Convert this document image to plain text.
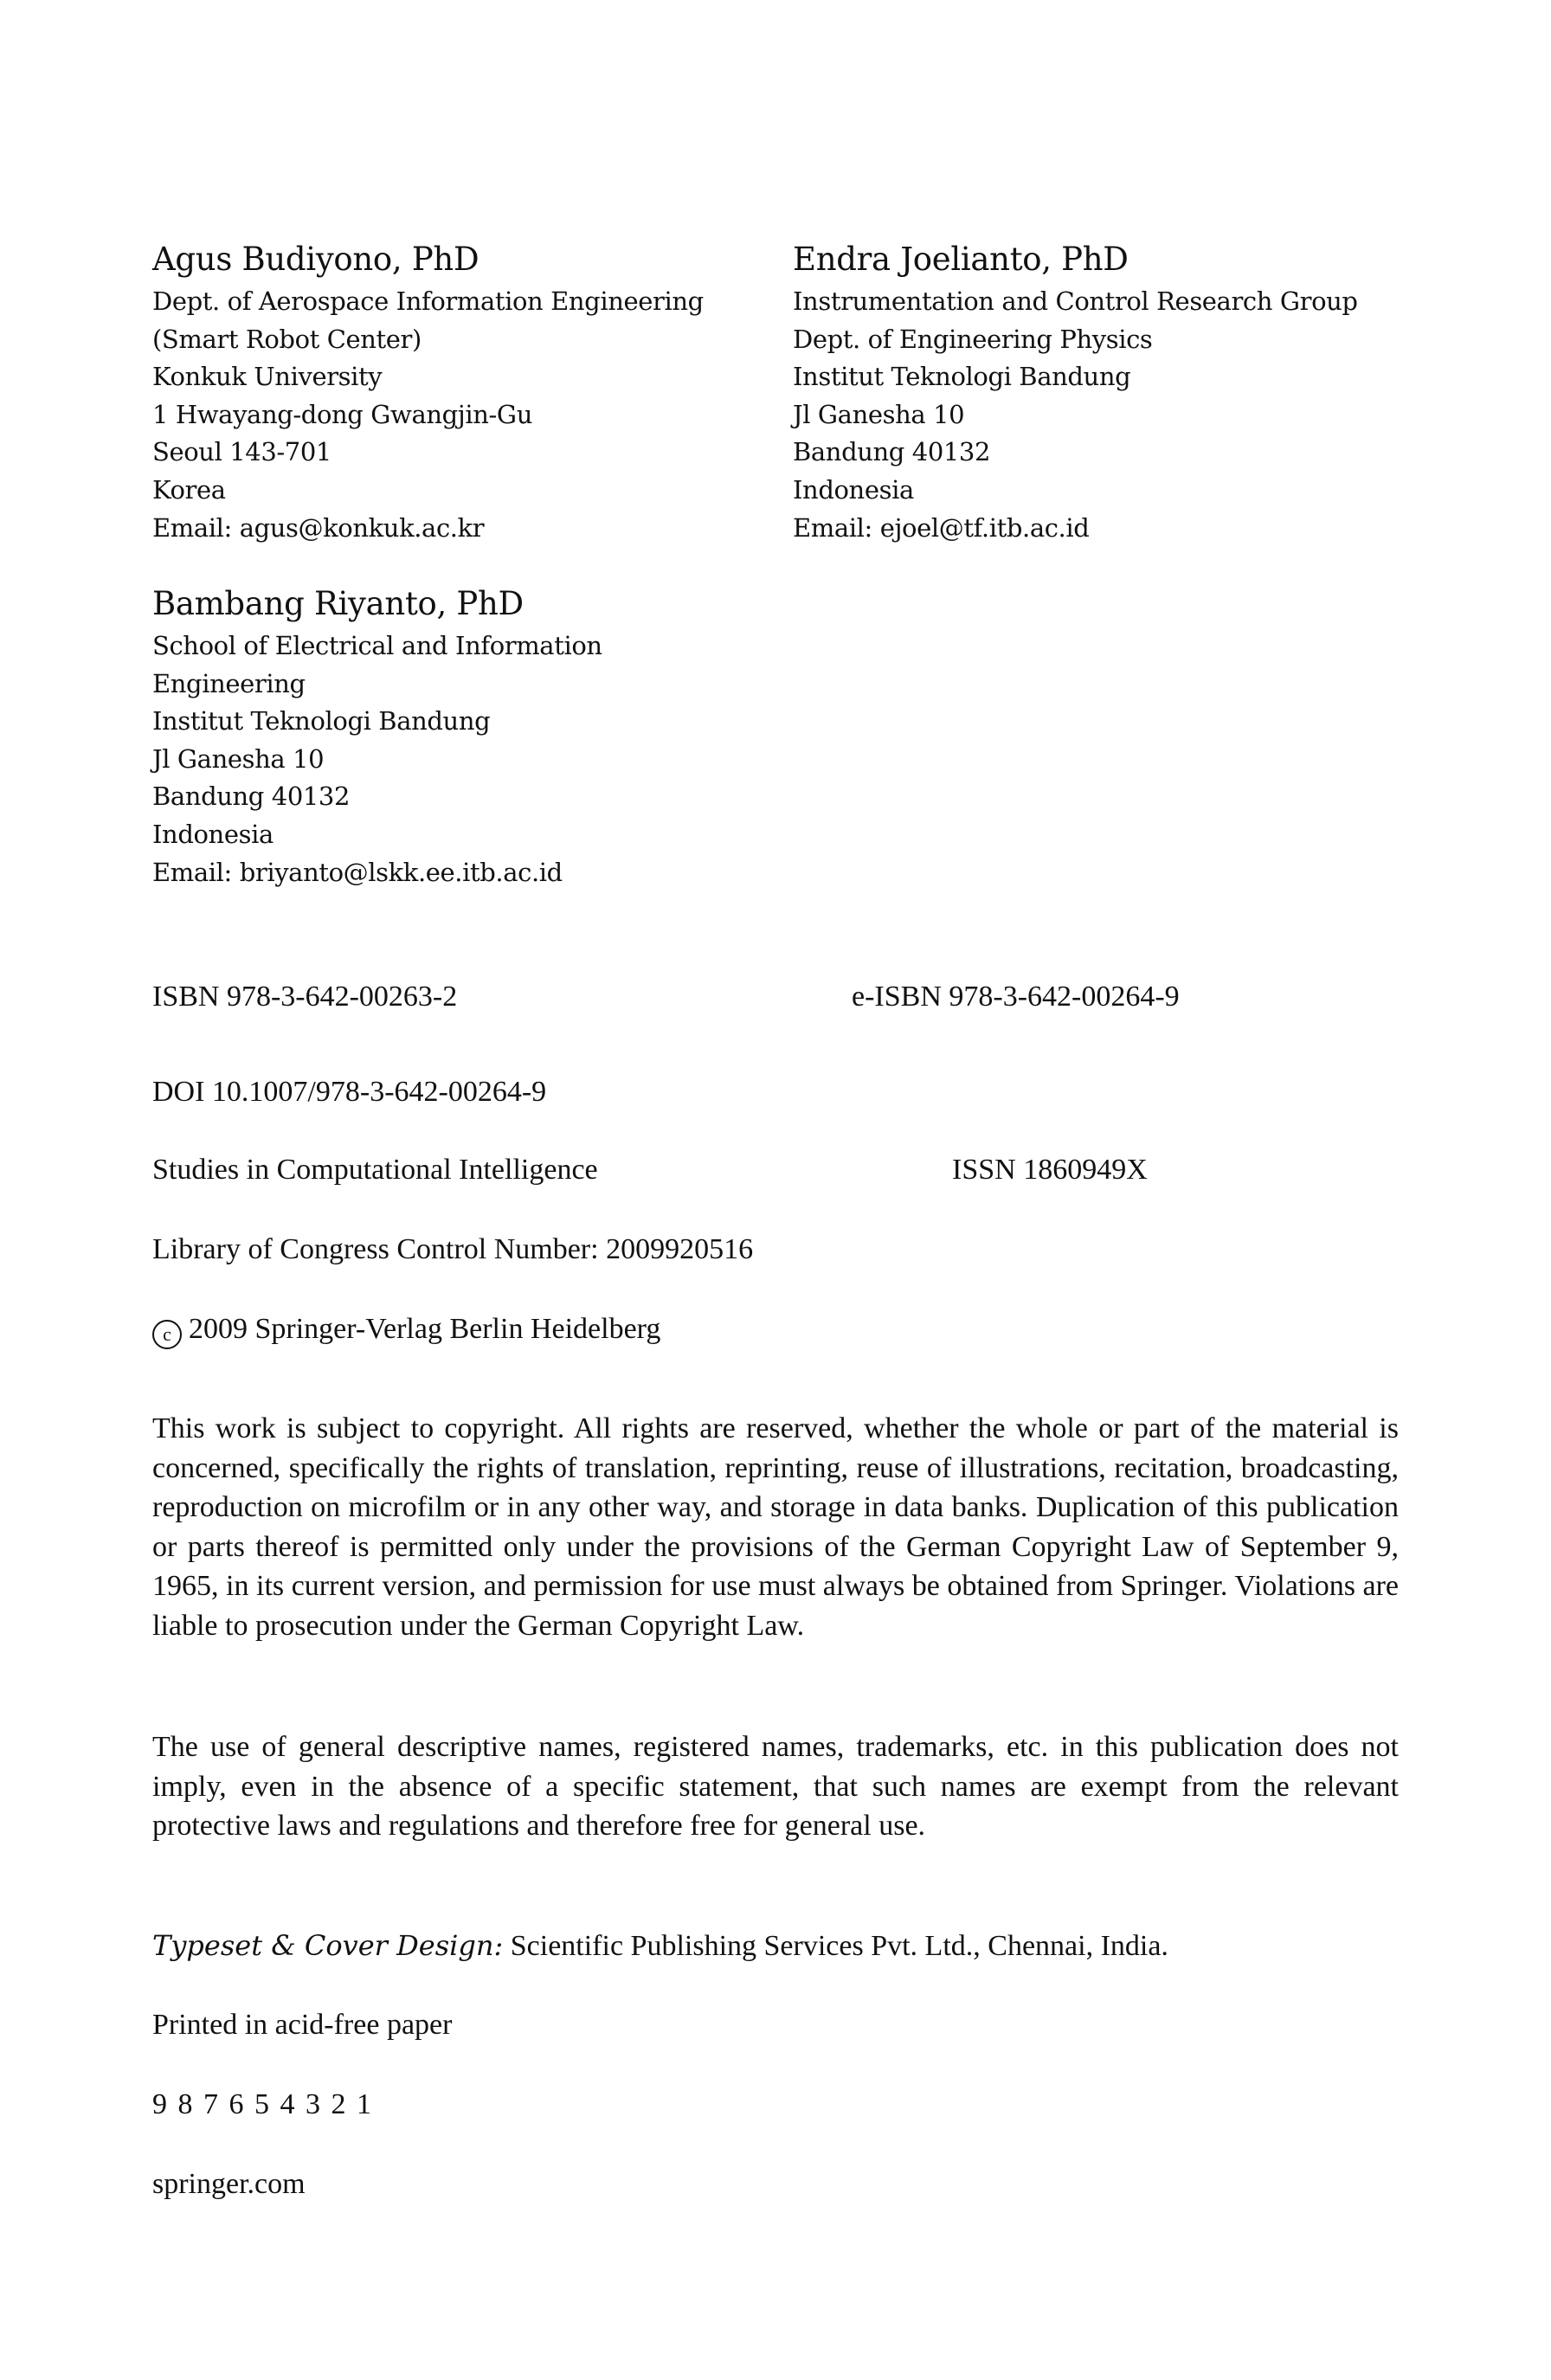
Agus Budiyono, PhD
Dept. of Aerospace Information Engineering
(Smart Robot Center)
Konkuk University
1 Hwayang-dong Gwangjin-Gu
Seoul 143-701
Korea
Email: agus@konkuk.ac.kr
Endra Joelianto, PhD
Instrumentation and Control Research Group
Dept. of Engineering Physics
Institut Teknologi Bandung
Jl Ganesha 10
Bandung 40132
Indonesia
Email: ejoel@tf.itb.ac.id
Bambang Riyanto, PhD
School of Electrical and Information
Engineering
Institut Teknologi Bandung
Jl Ganesha 10
Bandung 40132
Indonesia
Email: briyanto@lskk.ee.itb.ac.id
ISBN 978-3-642-00263-2	e-ISBN 978-3-642-00264-9
DOI 10.1007/978-3-642-00264-9
Studies in Computational Intelligence	ISSN 1860949X
Library of Congress Control Number: 2009920516
c 2009 Springer-Verlag Berlin Heidelberg

This work is subject to copyright. All rights are reserved, whether the whole or part of the material is concerned, specifically the rights of translation, reprinting, reuse of illustrations, recitation, broadcasting, reproduction on microfilm or in any other way, and storage in data banks. Duplication of this publication or parts thereof is permitted only under the provisions of the German Copyright Law of September 9, 1965, in its current version, and permission for use must always be obtained from Springer. Violations are liable to prosecution under the German Copyright Law.

The use of general descriptive names, registered names, trademarks, etc. in this publication does not imply, even in the absence of a specific statement, that such names are exempt from the relevant protective laws and regulations and therefore free for general use.

Typeset & Cover Design: Scientific Publishing Services Pvt. Ltd., Chennai, India.
Printed in acid-free paper
9 8 7 6 5 4 3 2 1
springer.com
